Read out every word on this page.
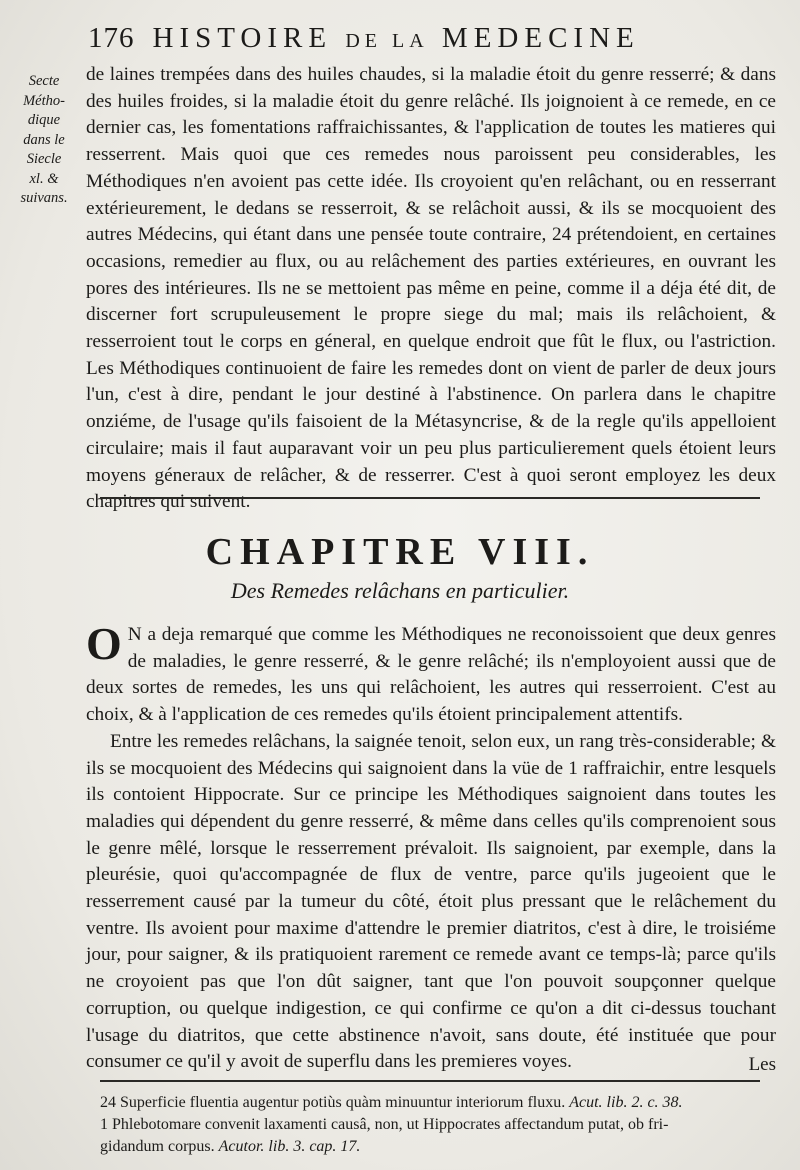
176 HISTOIRE DE LA MEDECINE
Secte
Métho-
dique
dans le
Siecle
xl. &
suivans.

de laines trempées dans des huiles chaudes, si la maladie étoit du genre resserré; & dans des huiles froides, si la maladie étoit du genre relâché. Ils joignoient à ce remede, en ce dernier cas, les fomentations raffraichissantes, & l'application de toutes les matieres qui resserrent. Mais quoi que ces remedes nous paroissent peu considerables, les Méthodiques n'en avoient pas cette idée. Ils croyoient qu'en relâchant, ou en resserrant extérieurement, le dedans se resserroit, & se relâchoit aussi, & ils se mocquoient des autres Médecins, qui étant dans une pensée toute contraire, 24 prétendoient, en certaines occasions, remedier au flux, ou au relâchement des parties extérieures, en ouvrant les pores des intérieures. Ils ne se mettoient pas même en peine, comme il a déja été dit, de discerner fort scrupuleusement le propre siege du mal; mais ils relâchoient, & resserroient tout le corps en géneral, en quelque endroit que fût le flux, ou l'astriction. Les Méthodiques continuoient de faire les remedes dont on vient de parler de deux jours l'un, c'est à dire, pendant le jour destiné à l'abstinence. On parlera dans le chapitre onziéme, de l'usage qu'ils faisoient de la Métasyncrise, & de la regle qu'ils appelloient circulaire; mais il faut auparavant voir un peu plus particulierement quels étoient leurs moyens géneraux de relâcher, & de resserrer. C'est à quoi seront employez les deux chapitres qui suivent.

CHAPITRE VIII.
Des Remedes relâchans en particulier.

O N a deja remarqué que comme les Méthodiques ne reconoissoient que deux genres de maladies, le genre resserré, & le genre relâché; ils n'employoient aussi que de deux sortes de remedes, les uns qui relâchoient, les autres qui resserroient. C'est au choix, & à l'application de ces remedes qu'ils étoient principalement attentifs.

Entre les remedes relâchans, la saignée tenoit, selon eux, un rang très-considerable; & ils se mocquoient des Médecins qui saignoient dans la vüe de 1 raffraichir, entre lesquels ils contoient Hippocrate. Sur ce principe les Méthodiques saignoient dans toutes les maladies qui dépendent du genre resserré, & même dans celles qu'ils comprenoient sous le genre mêlé, lorsque le resserrement prévaloit. Ils saignoient, par exemple, dans la pleurésie, quoi qu'accompagnée de flux de ventre, parce qu'ils jugeoient que le resserrement causé par la tumeur du côté, étoit plus pressant que le relâchement du ventre. Ils avoient pour maxime d'attendre le premier diatritos, c'est à dire, le troisiéme jour, pour saigner, & ils pratiquoient rarement ce remede avant ce temps-là; parce qu'ils ne croyoient pas que l'on dût saigner, tant que l'on pouvoit soupçonner quelque corruption, ou quelque indigestion, ce qui confirme ce qu'on a dit ci-dessus touchant l'usage du diatritos, que cette abstinence n'avoit, sans doute, été instituée que pour consumer ce qu'il y avoit de superflu dans les premieres voyes.	Les
24 Superficie fluentia augentur potiùs quàm minuuntur interiorum fluxu. Acut. lib. 2. c. 38.
1 Phlebotomare convenit laxamenti causâ, non, ut Hippocrates affectandum putat, ob fri-
gidandum corpus. Acutor. lib. 3. cap. 17.
